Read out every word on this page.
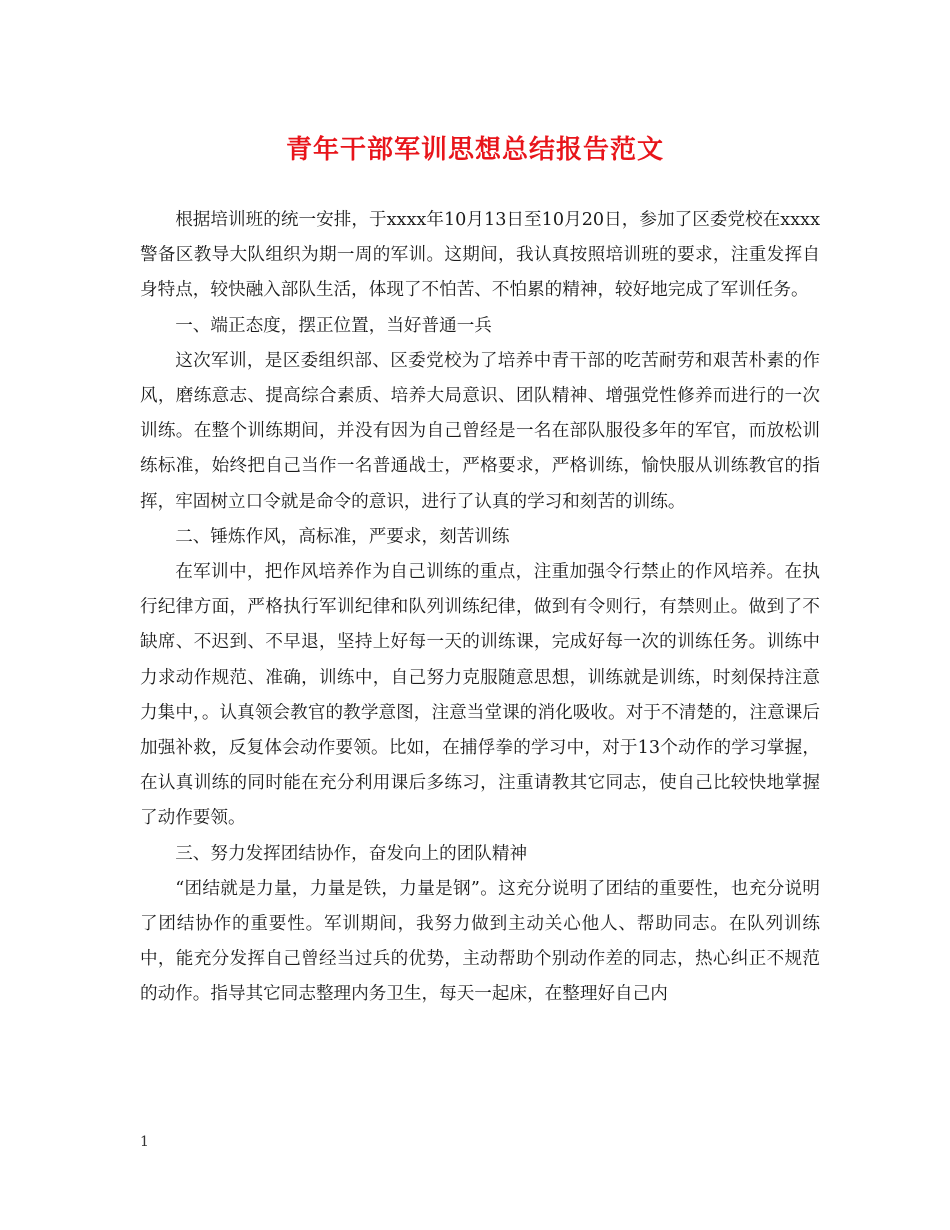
青年干部军训思想总结报告范文

根据培训班的统一安排，于xxxx年10月13日至10月20日，参加了区委党校在xxxx警备区教导大队组织为期一周的军训。这期间，我认真按照培训班的要求，注重发挥自身特点，较快融入部队生活，体现了不怕苦、不怕累的精神，较好地完成了军训任务。

一、端正态度，摆正位置，当好普通一兵

这次军训，是区委组织部、区委党校为了培养中青干部的吃苦耐劳和艰苦朴素的作风，磨练意志、提高综合素质、培养大局意识、团队精神、增强党性修养而进行的一次训练。在整个训练期间，并没有因为自己曾经是一名在部队服役多年的军官，而放松训练标准，始终把自己当作一名普通战士，严格要求，严格训练，愉快服从训练教官的指挥，牢固树立口令就是命令的意识，进行了认真的学习和刻苦的训练。

二、锤炼作风，高标准，严要求，刻苦训练

在军训中，把作风培养作为自己训练的重点，注重加强令行禁止的作风培养。在执行纪律方面，严格执行军训纪律和队列训练纪律，做到有令则行，有禁则止。做到了不缺席、不迟到、不早退，坚持上好每一天的训练课，完成好每一次的训练任务。训练中力求动作规范、准确，训练中，自己努力克服随意思想，训练就是训练，时刻保持注意力集中，。认真领会教官的教学意图，注意当堂课的消化吸收。对于不清楚的，注意课后加强补救，反复体会动作要领。比如，在捕俘拳的学习中，对于13个动作的学习掌握，在认真训练的同时能在充分利用课后多练习，注重请教其它同志，使自己比较快地掌握了动作要领。

三、努力发挥团结协作，奋发向上的团队精神

“团结就是力量，力量是铁，力量是钢”。这充分说明了团结的重要性，也充分说明了团结协作的重要性。军训期间，我努力做到主动关心他人、帮助同志。在队列训练中，能充分发挥自己曾经当过兵的优势，主动帮助个别动作差的同志，热心纠正不规范的动作。指导其它同志整理内务卫生，每天一起床，在整理好自己内

1
